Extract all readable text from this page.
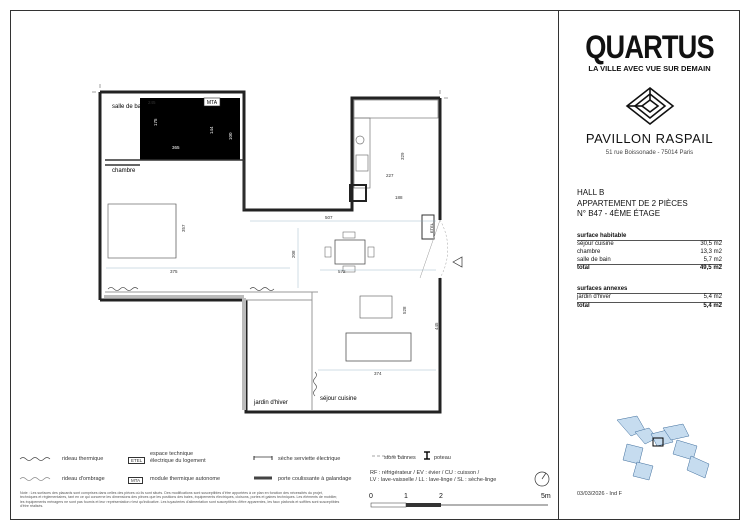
ETEL
245
175
144
365
100
329
227
188
507
357
208
572
375
528
445
374
MTA
salle de bain
chambre
jardin d'hiver
séjour cuisine
rideau thermique
rideau d'ombrage
ETEL
espace technique
électrique du logement
MTA	module thermique autonome
sèche serviette électrique
porte coulissante à galandage
store bannes	poteau
RF : réfrigérateur / EV : évier / CU : cuisson /
LV : lave-vaisselle / LL : lave-linge / SL : sèche-linge
0	1	2	5m
Note : Les surfaces des placards sont comprises dans celles des pièces où ils sont situés. Des modifications sont susceptibles d'être apportées à ce plan en fonction des nécessités du projet, techniques et réglementaires, tant en ce qui concerne les dimensions des pièces que les positions des baies, équipements électriques, cloisons, portes et gaines techniques. Les éléments de mobilier, les équipements ménagers ne sont pas fournis et leur représentation n'est qu'indicative. Les tuyauteries d'alimentation sont susceptibles d'être apparentes, les faux plafonds et soffites sont susceptibles d'être réalisés.
QUARTUS
LA VILLE AVEC VUE SUR DEMAIN
PAVILLON RASPAIL
51 rue Boissonade - 75014 Paris
HALL B
APPARTEMENT DE 2 PIÈCES
N° B47 - 4ÈME ÉTAGE
surface habitable
séjour cuisine	30,5 m2
chambre	13,3 m2
salle de bain	5,7 m2
total	49,5 m2
surfaces annexes
jardin d'hiver	5,4 m2
total	5,4 m2
03/03/2026 - Ind F
